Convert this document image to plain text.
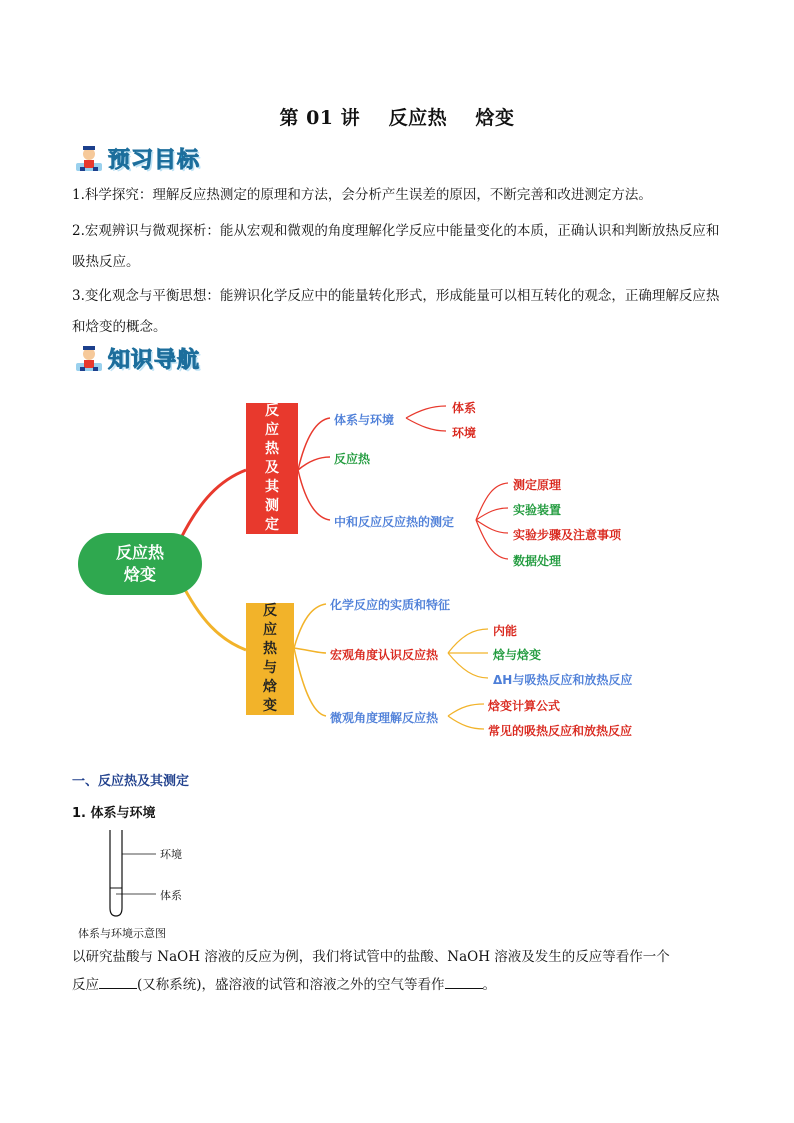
第 01 讲    反应热    焓变
预习目标
1.科学探究：理解反应热测定的原理和方法，会分析产生误差的原因，不断完善和改进测定方法。
2.宏观辨识与微观探析：能从宏观和微观的角度理解化学反应中能量变化的本质，正确认识和判断放热反应和吸热反应。
3.变化观念与平衡思想：能辨识化学反应中的能量转化形式，形成能量可以相互转化的观念，正确理解反应热和焓变的概念。
知识导航
反应热
焓变
反
应
热
及
其
测
定
反
应
热
与
焓
变
体系与环境
体系
环境
反应热
中和反应反应热的测定
测定原理
实验装置
实验步骤及注意事项
数据处理
化学反应的实质和特征
宏观角度认识反应热
内能
焓与焓变
ΔH与吸热反应和放热反应
微观角度理解反应热
焓变计算公式
常见的吸热反应和放热反应
一、反应热及其测定
1. 体系与环境
环境
体系
体系与环境示意图
以研究盐酸与 NaOH 溶液的反应为例，我们将试管中的盐酸、NaOH 溶液及发生的反应等看作一个
反应	(又称系统)，盛溶液的试管和溶液之外的空气等看作	。
